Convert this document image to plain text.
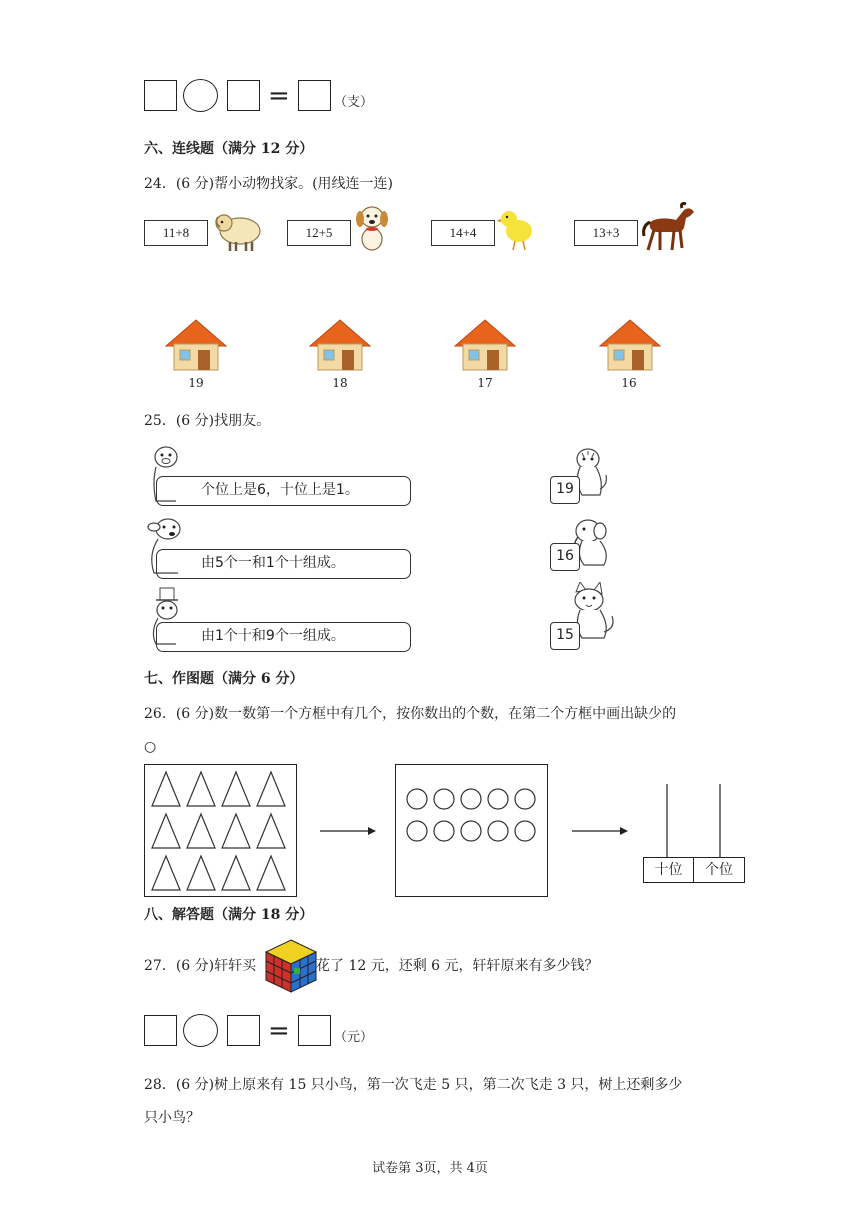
=	（支）
六、连线题（满分 12 分）
24．(6 分)帮小动物找家。(用线连一连)
11+8	12+5	14+4	13+3
19	18	17	16
25．(6 分)找朋友。
个位上是6，十位上是1。
由5个一和1个十组成。
由1个十和9个一组成。
19
16
15
七、作图题（满分 6 分）
26．(6 分)数一数第一个方框中有几个，按你数出的个数，在第二个方框中画出缺少的
○
十位	个位
八、解答题（满分 18 分）
27．(6 分)轩轩买	花了 12 元，还剩 6 元，轩轩原来有多少钱？
=	（元）
28．(6 分)树上原来有 15 只小鸟，第一次飞走 5 只，第二次飞走 3 只，树上还剩多少
只小鸟？
试卷第 3页，共 4页
